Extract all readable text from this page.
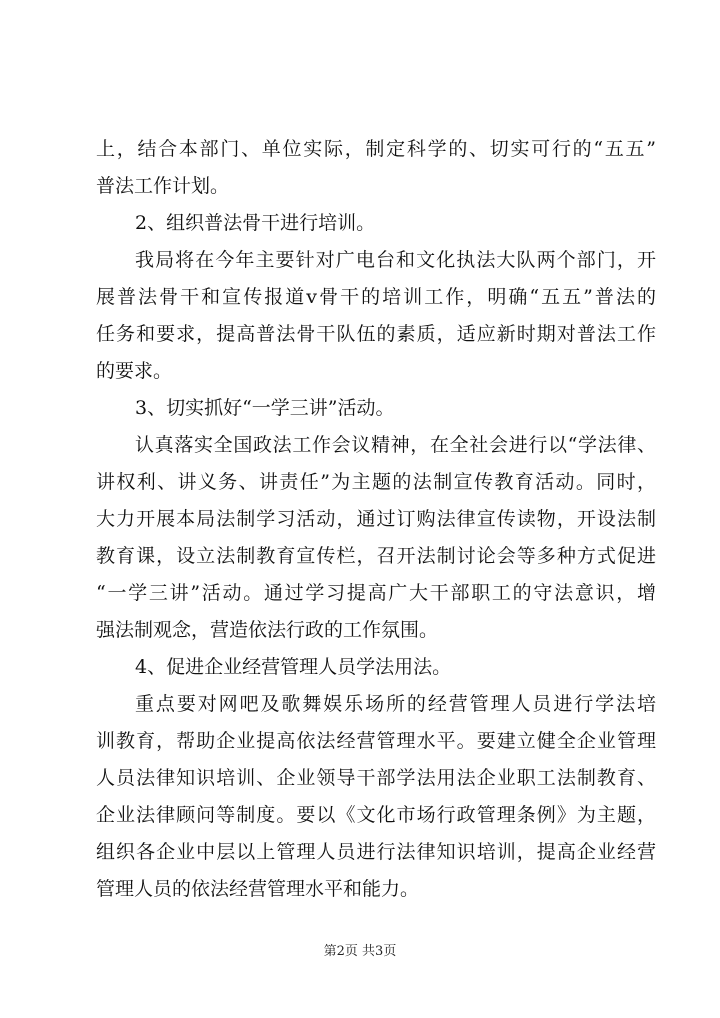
上，结合本部门、单位实际，制定科学的、切实可行的“五五”
普法工作计划。
2、组织普法骨干进行培训。
我局将在今年主要针对广电台和文化执法大队两个部门，开
展普法骨干和宣传报道v骨干的培训工作，明确“五五”普法的
任务和要求，提高普法骨干队伍的素质，适应新时期对普法工作
的要求。
3、切实抓好“一学三讲”活动。
认真落实全国政法工作会议精神，在全社会进行以“学法律、
讲权利、讲义务、讲责任”为主题的法制宣传教育活动。同时，
大力开展本局法制学习活动，通过订购法律宣传读物，开设法制
教育课，设立法制教育宣传栏，召开法制讨论会等多种方式促进
“一学三讲”活动。通过学习提高广大干部职工的守法意识，增
强法制观念，营造依法行政的工作氛围。
4、促进企业经营管理人员学法用法。
重点要对网吧及歌舞娱乐场所的经营管理人员进行学法培
训教育，帮助企业提高依法经营管理水平。要建立健全企业管理
人员法律知识培训、企业领导干部学法用法企业职工法制教育、
企业法律顾问等制度。要以《文化市场行政管理条例》为主题，
组织各企业中层以上管理人员进行法律知识培训，提高企业经营
管理人员的依法经营管理水平和能力。
第2页 共3页
